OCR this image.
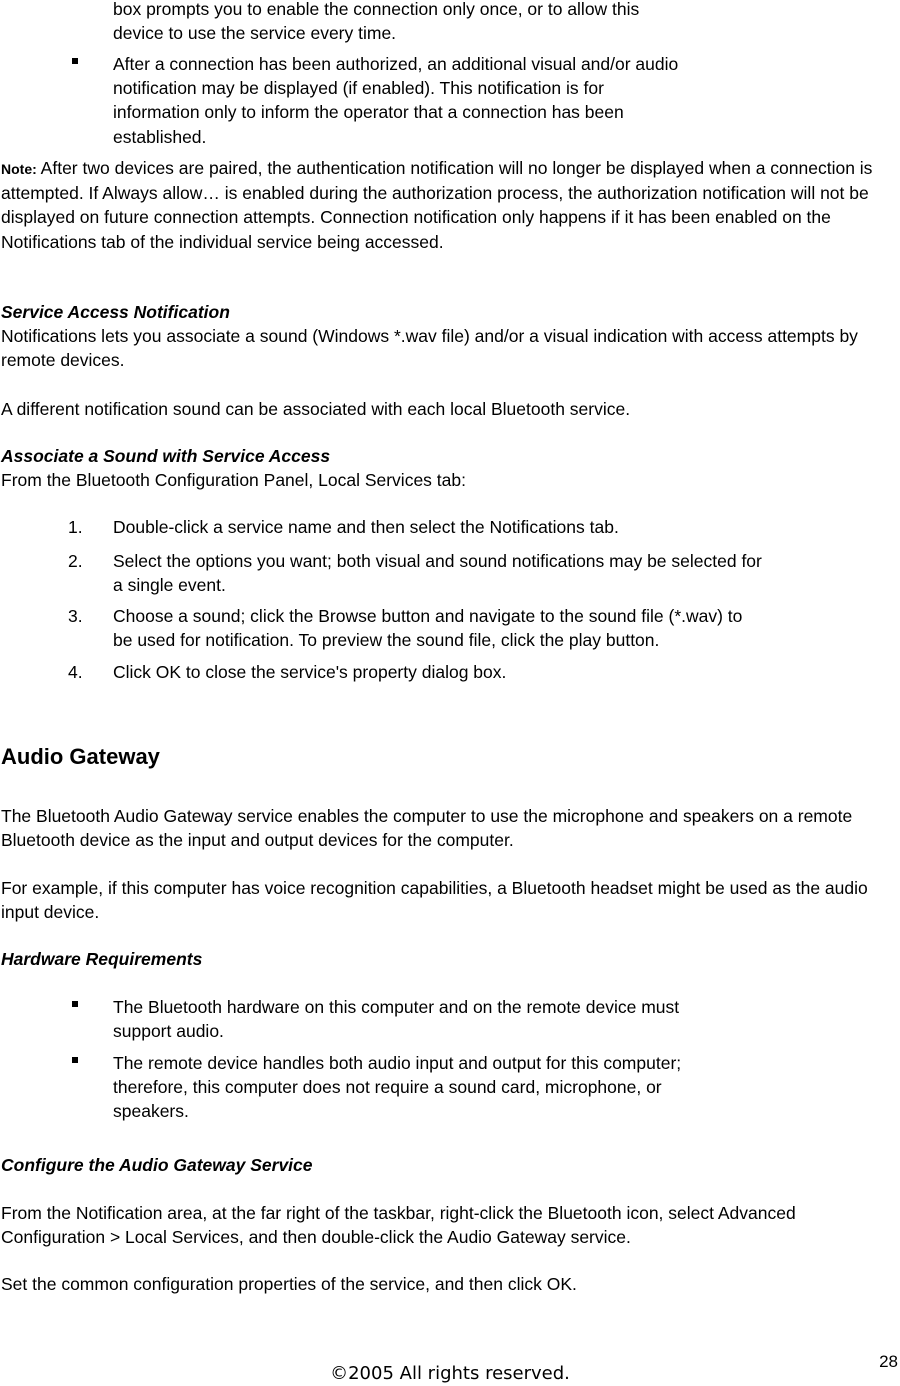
box prompts you to enable the connection only once, or to allow this
device to use the service every time.
After a connection has been authorized, an additional visual and/or audio
notification may be displayed (if enabled). This notification is for
information only to inform the operator that a connection has been
established.

Note: After two devices are paired, the authentication notification will no longer be displayed when a connection is attempted. If Always allow… is enabled during the authorization process, the authorization notification will not be displayed on future connection attempts. Connection notification only happens if it has been enabled on the Notifications tab of the individual service being accessed.

Service Access Notification

Notifications lets you associate a sound (Windows *.wav file) and/or a visual indication with access attempts by remote devices.

A different notification sound can be associated with each local Bluetooth service.

Associate a Sound with Service Access

From the Bluetooth Configuration Panel, Local Services tab:

1. Double-click a service name and then select the Notifications tab.
2. Select the options you want; both visual and sound notifications may be selected for
a single event.
3. Choose a sound; click the Browse button and navigate to the sound file (*.wav) to
be used for notification. To preview the sound file, click the play button.
4. Click OK to close the service's property dialog box.
Audio Gateway

The Bluetooth Audio Gateway service enables the computer to use the microphone and speakers on a remote Bluetooth device as the input and output devices for the computer.

For example, if this computer has voice recognition capabilities, a Bluetooth headset might be used as the audio input device.

Hardware Requirements
The Bluetooth hardware on this computer and on the remote device must
support audio.
The remote device handles both audio input and output for this computer;
therefore, this computer does not require a sound card, microphone, or
speakers.
Configure the Audio Gateway Service

From the Notification area, at the far right of the taskbar, right-click the Bluetooth icon, select Advanced Configuration > Local Services, and then double-click the Audio Gateway service.

Set the common configuration properties of the service, and then click OK.

©2005 All rights reserved.
28
